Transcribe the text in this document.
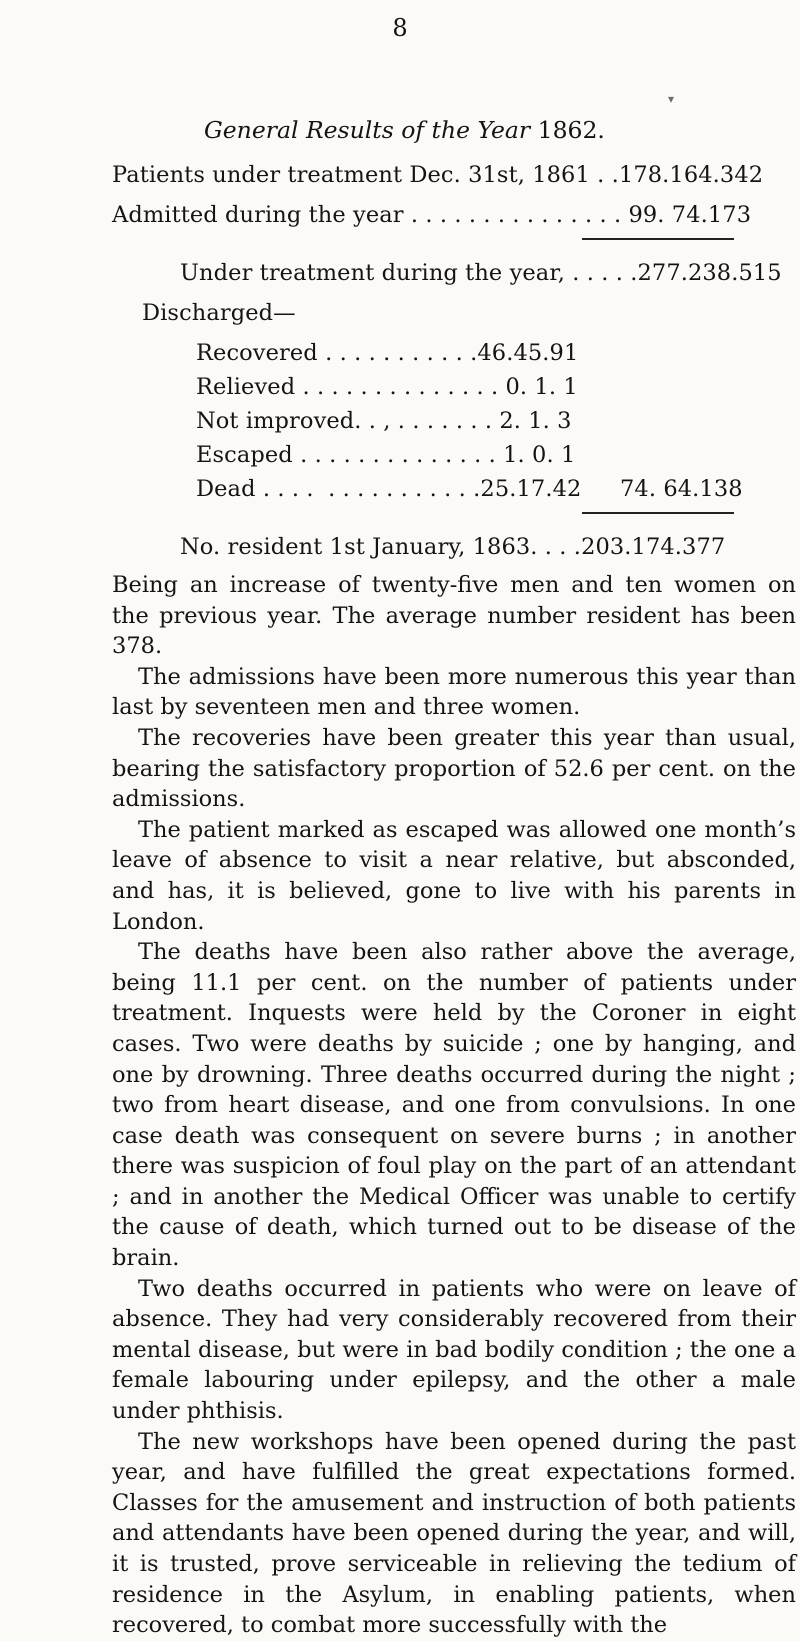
8
▾
General Results of the Year 1862.
Patients under treatment Dec. 31st, 1861 . .178.164.342
Admitted during the year . . . . . . . . . . . . . . . 99. 74.173
Under treatment during the year, . . . . .277.238.515
Discharged—
Recovered . . . . . . . . . . .46.45.91
Relieved . . . . . . . . . . . . . . 0. 1. 1
Not improved. . , . . . . . . . 2. 1. 3
Escaped . . . . . . . . . . . . . . 1. 0. 1
Dead . . . .  . . . . . . . . . . .25.17.42 74. 64.138
No. resident 1st January, 1863. . . .203.174.377

Being an increase of twenty-five men and ten women on the previous year. The average number resident has been 378.

The admissions have been more numerous this year than last by seventeen men and three women.

The recoveries have been greater this year than usual, bearing the satisfactory proportion of 52.6 per cent. on the admissions.

The patient marked as escaped was allowed one month’s leave of absence to visit a near relative, but absconded, and has, it is believed, gone to live with his parents in London.

The deaths have been also rather above the average, being 11.1 per cent. on the number of patients under treatment. Inquests were held by the Coroner in eight cases. Two were deaths by suicide ; one by hanging, and one by drowning. Three deaths occurred during the night ; two from heart disease, and one from convulsions. In one case death was consequent on severe burns ; in another there was suspicion of foul play on the part of an attendant ; and in another the Medical Officer was unable to certify the cause of death, which turned out to be disease of the brain.

Two deaths occurred in patients who were on leave of absence. They had very considerably recovered from their mental disease, but were in bad bodily condition ; the one a female labouring under epilepsy, and the other a male under phthisis.

The new workshops have been opened during the past year, and have fulfilled the great expectations formed. Classes for the amusement and instruction of both patients and attendants have been opened during the year, and will, it is trusted, prove serviceable in relieving the tedium of residence in the Asylum, in enabling patients, when recovered, to combat more successfully with the
